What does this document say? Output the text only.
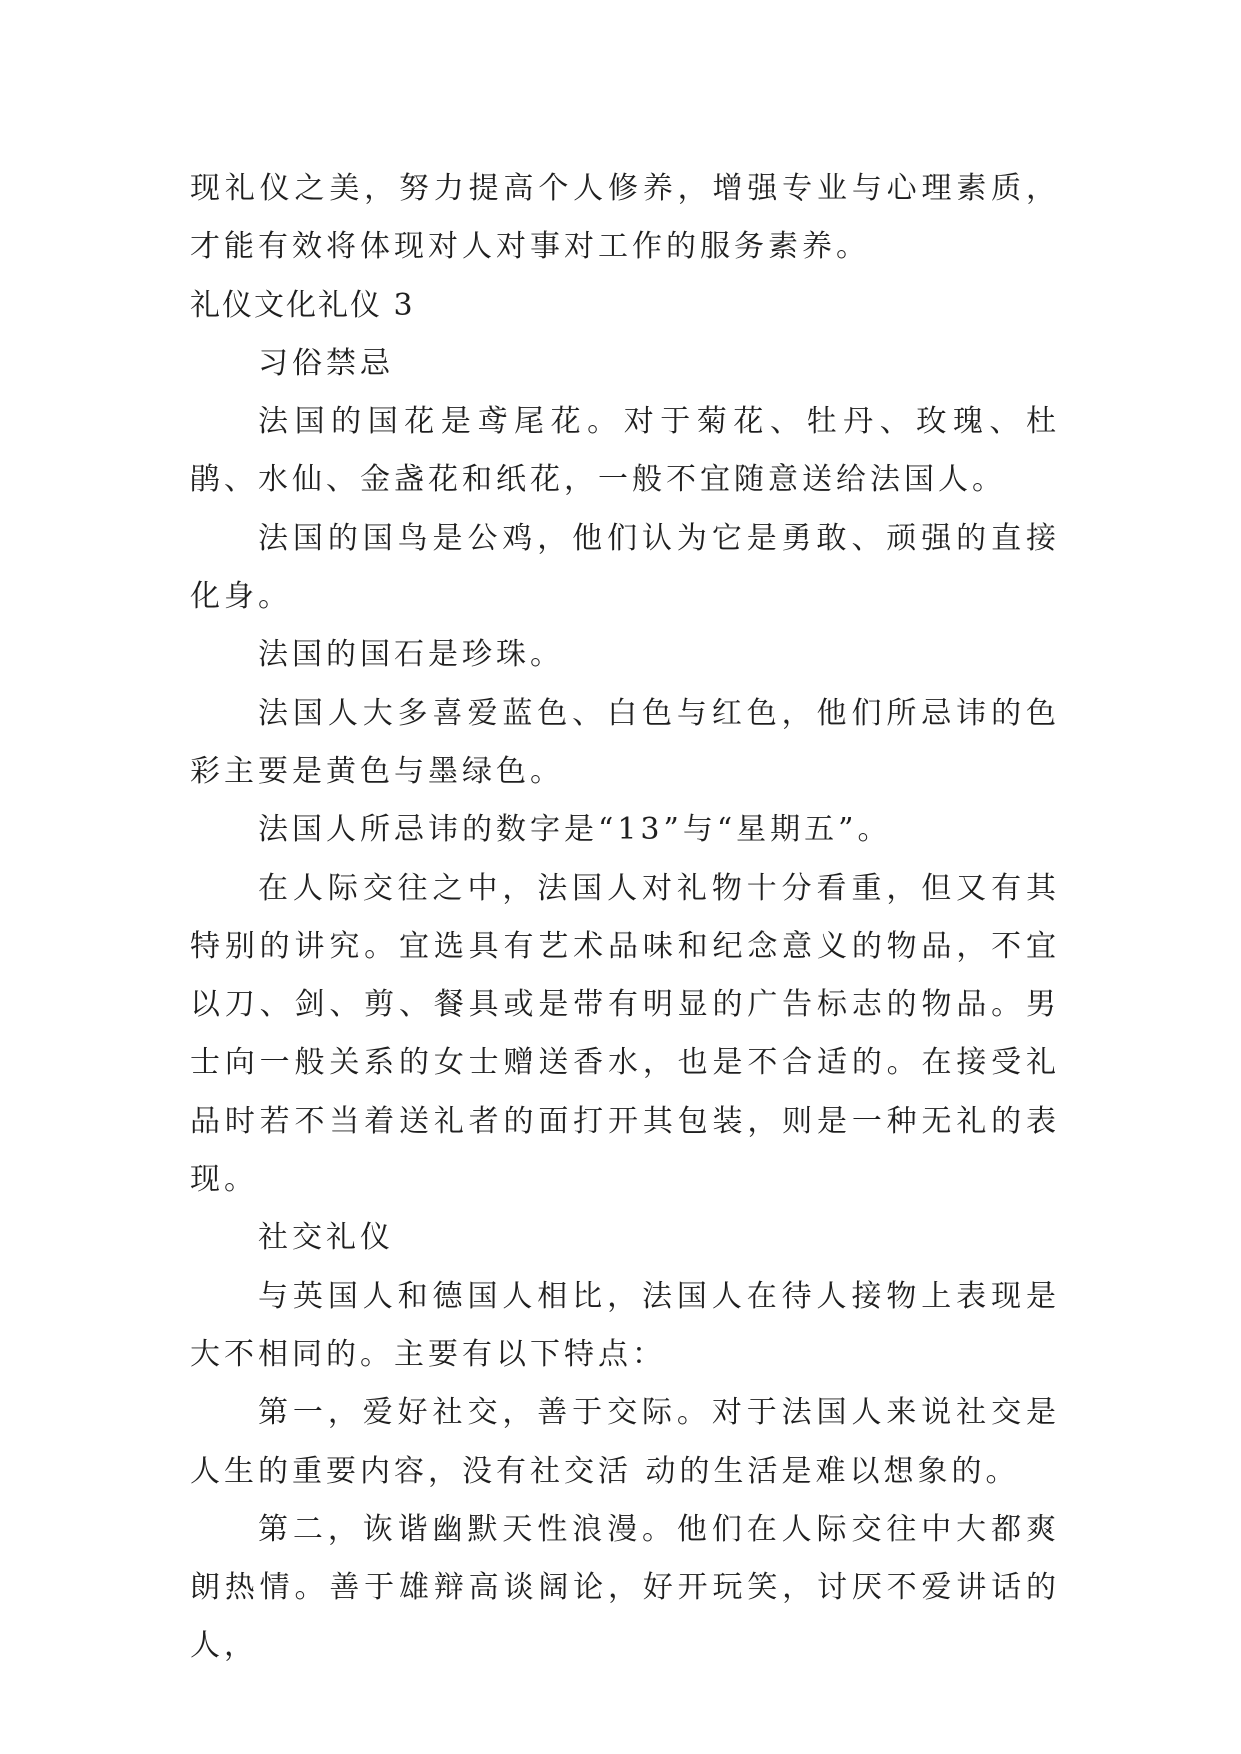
现礼仪之美，努力提高个人修养，增强专业与心理素质，才能有效将体现对人对事对工作的服务素养。

礼仪文化礼仪 3

习俗禁忌

法国的国花是鸢尾花。对于菊花、牡丹、玫瑰、杜鹃、水仙、金盏花和纸花，一般不宜随意送给法国人。

法国的国鸟是公鸡，他们认为它是勇敢、顽强的直接化身。

法国的国石是珍珠。

法国人大多喜爱蓝色、白色与红色，他们所忌讳的色彩主要是黄色与墨绿色。

法国人所忌讳的数字是“13”与“星期五”。

在人际交往之中，法国人对礼物十分看重，但又有其特别的讲究。宜选具有艺术品味和纪念意义的物品，不宜以刀、剑、剪、餐具或是带有明显的广告标志的物品。男士向一般关系的女士赠送香水，也是不合适的。在接受礼品时若不当着送礼者的面打开其包装，则是一种无礼的表现。

社交礼仪

与英国人和德国人相比，法国人在待人接物上表现是大不相同的。主要有以下特点：

第一，爱好社交，善于交际。对于法国人来说社交是人生的重要内容，没有社交活 动的生活是难以想象的。

第二，诙谐幽默天性浪漫。他们在人际交往中大都爽朗热情。善于雄辩高谈阔论，好开玩笑，讨厌不爱讲话的人，
